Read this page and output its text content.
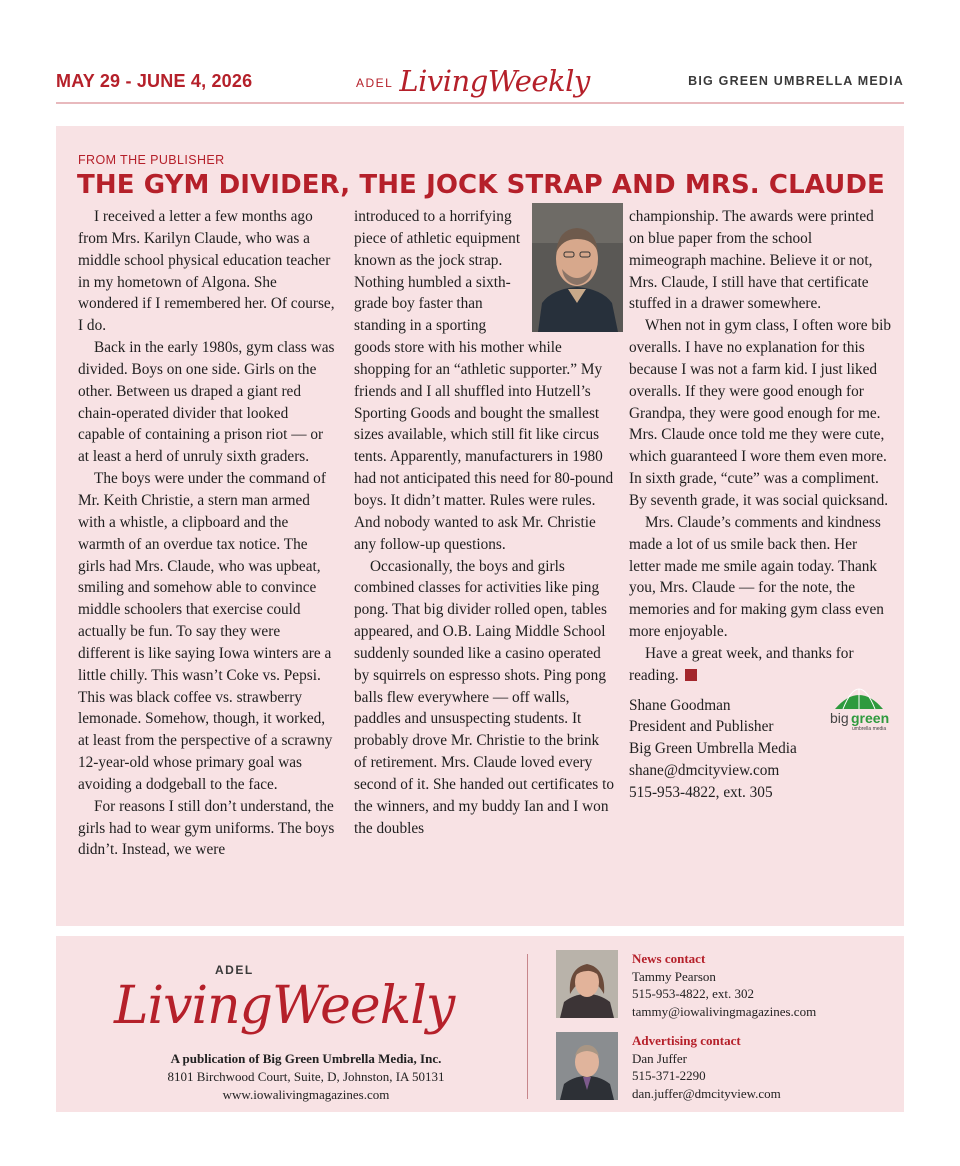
MAY 29 - JUNE 4, 2026	ADEL LivingWeekly	BIG GREEN UMBRELLA MEDIA
FROM THE PUBLISHER
THE GYM DIVIDER, THE JOCK STRAP AND MRS. CLAUDE

I received a letter a few months ago from Mrs. Karilyn Claude, who was a middle school physical education teacher in my hometown of Algona. She wondered if I remembered her. Of course, I do.

Back in the early 1980s, gym class was divided. Boys on one side. Girls on the other. Between us draped a giant red chain-operated divider that looked capable of containing a prison riot — or at least a herd of unruly sixth graders.

The boys were under the command of Mr. Keith Christie, a stern man armed with a whistle, a clipboard and the warmth of an overdue tax notice. The girls had Mrs. Claude, who was upbeat, smiling and somehow able to convince middle schoolers that exercise could actually be fun. To say they were different is like saying Iowa winters are a little chilly. This wasn’t Coke vs. Pepsi. This was black coffee vs. strawberry lemonade. Somehow, though, it worked, at least from the perspective of a scrawny 12-year-old whose primary goal was avoiding a dodgeball to the face.

For reasons I still don’t understand, the girls had to wear gym uniforms. The boys didn’t. Instead, we were

introduced to a horrifying piece of athletic equipment known as the jock strap. Nothing humbled a sixth-grade boy faster than standing in a sporting goods store with his mother while shopping for an “athletic supporter.” My friends and I all shuffled into Hutzell’s Sporting Goods and bought the smallest sizes available, which still fit like circus tents. Apparently, manufacturers in 1980 had not anticipated this need for 80-pound boys. It didn’t matter. Rules were rules. And nobody wanted to ask Mr. Christie any follow-up questions.

Occasionally, the boys and girls combined classes for activities like ping pong. That big divider rolled open, tables appeared, and O.B. Laing Middle School suddenly sounded like a casino operated by squirrels on espresso shots. Ping pong balls flew everywhere — off walls, paddles and unsuspecting students. It probably drove Mr. Christie to the brink of retirement. Mrs. Claude loved every second of it. She handed out certificates to the winners, and my buddy Ian and I won the doubles

championship. The awards were printed on blue paper from the school mimeograph machine. Believe it or not, Mrs. Claude, I still have that certificate stuffed in a drawer somewhere.

When not in gym class, I often wore bib overalls. I have no explanation for this because I was not a farm kid. I just liked overalls. If they were good enough for Grandpa, they were good enough for me. Mrs. Claude once told me they were cute, which guaranteed I wore them even more. In sixth grade, “cute” was a compliment. By seventh grade, it was social quicksand.

Mrs. Claude’s comments and kindness made a lot of us smile back then. Her letter made me smile again today. Thank you, Mrs. Claude — for the note, the memories and for making gym class even more enjoyable.

Have a great week, and thanks for reading.

big green
umbrella media
Shane Goodman
President and Publisher
Big Green Umbrella Media
shane@dmcityview.com
515-953-4822, ext. 305
ADEL
LivingWeekly
A publication of Big Green Umbrella Media, Inc.
8101 Birchwood Court, Suite, D, Johnston, IA 50131
www.iowalivingmagazines.com
News contact
Tammy Pearson
515-953-4822, ext. 302
tammy@iowalivingmagazines.com
Advertising contact
Dan Juffer
515-371-2290
dan.juffer@dmcityview.com
